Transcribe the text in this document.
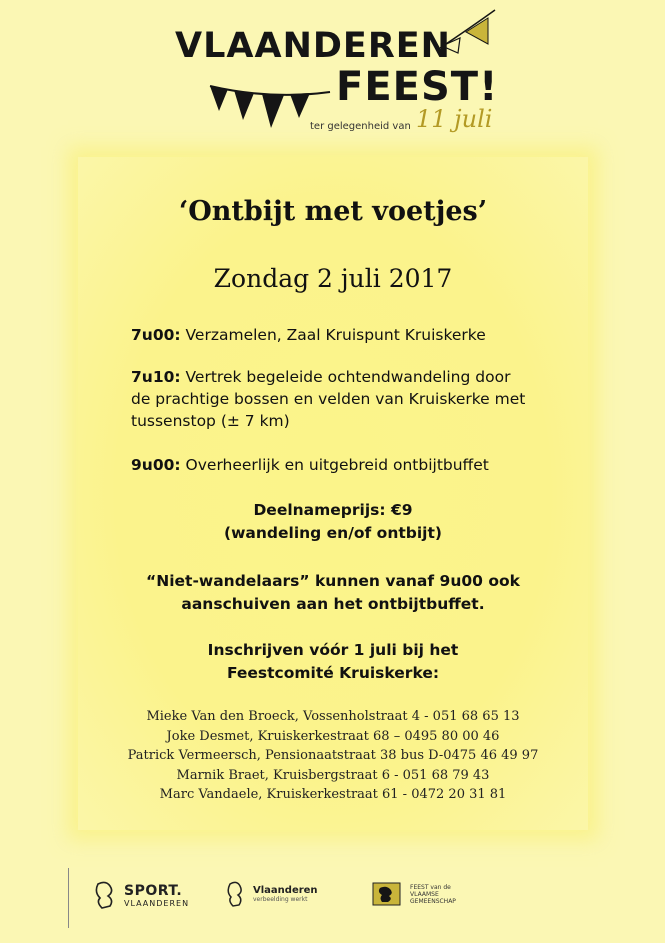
VLAANDEREN
FEEST!
ter gelegenheid van 11 juli
‘Ontbijt met voetjes’
Zondag 2 juli 2017

7u00: Verzamelen, Zaal Kruispunt Kruiskerke

7u10: Vertrek begeleide ochtendwandeling door de prachtige bossen en velden van Kruiskerke met tussenstop (± 7 km)

9u00: Overheerlijk en uitgebreid ontbijtbuffet

Deelnameprijs: €9
(wandeling en/of ontbijt)
“Niet-wandelaars” kunnen vanaf 9u00 ook
aanschuiven aan het ontbijtbuffet.
Inschrijven vóór 1 juli bij het
Feestcomité Kruiskerke:
Mieke Van den Broeck, Vossenholstraat 4 - 051 68 65 13
Joke Desmet, Kruiskerkestraat 68 – 0495 80 00 46
Patrick Vermeersch, Pensionaatstraat 38 bus D-0475 46 49 97
Marnik Braet, Kruisbergstraat 6 - 051 68 79 43
Marc Vandaele, Kruiskerkestraat 61 - 0472 20 31 81
SPORT.
VLAANDEREN
Vlaanderen
verbeelding werkt
FEEST van de
VLAAMSE
GEMEENSCHAP
